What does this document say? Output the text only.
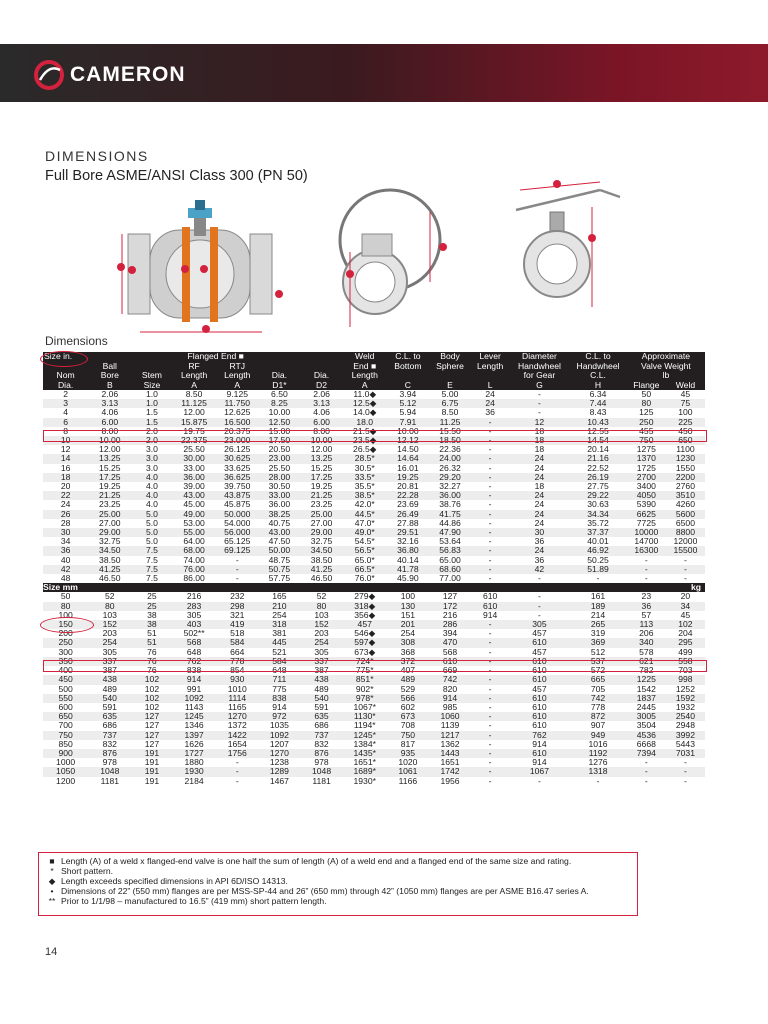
CAMERON
DIMENSIONS
Full Bore ASME/ANSI Class 300 (PN 50)
Dimensions
Size in.			Flanged End ■				Weld	C.L. to	Body	Lever	Diameter	C.L. to	Approximate	
	Ball		RF	RTJ			End ■	Bottom	Sphere	Length	Handwheel	Handwheel	Valve Weight	
Nom	Bore	Stem	Length	Length	Dia.	Dia.	Length				for Gear	C.L.	lb	
Dia.	B	Size	A	A	D1*	D2	A	C	E	L	G	H	Flange	Weld
2	2.06	1.0	8.50	9.125	6.50	2.06	11.0◆	3.94	5.00	24	-	6.34	50	45
3	3.13	1.0	11.125	11.750	8.25	3.13	12.5◆	5.12	6.75	24	-	7.44	80	75
4	4.06	1.5	12.00	12.625	10.00	4.06	14.0◆	5.94	8.50	36	-	8.43	125	100
6	6.00	1.5	15.875	16.500	12.50	6.00	18.0	7.91	11.25	-	12	10.43	250	225
8	8.00	2.0	19.75	20.375	15.00	8.00	21.5◆	10.00	15.50	-	18	12.55	455	450
10	10.00	2.0	22.375	23.000	17.50	10.00	23.5◆	12.12	18.50	-	18	14.54	750	650
12	12.00	3.0	25.50	26.125	20.50	12.00	26.5◆	14.50	22.36	-	18	20.14	1275	1100
14	13.25	3.0	30.00	30.625	23.00	13.25	28.5*	14.64	24.00	-	24	21.16	1370	1230
16	15.25	3.0	33.00	33.625	25.50	15.25	30.5*	16.01	26.32	-	24	22.52	1725	1550
18	17.25	4.0	36.00	36.625	28.00	17.25	33.5*	19.25	29.20	-	24	26.19	2700	2200
20	19.25	4.0	39.00	39.750	30.50	19.25	35.5*	20.81	32.27	-	18	27.75	3400	2760
22	21.25	4.0	43.00	43.875	33.00	21.25	38.5*	22.28	36.00	-	24	29.22	4050	3510
24	23.25	4.0	45.00	45.875	36.00	23.25	42.0*	23.69	38.76	-	24	30.63	5390	4260
26	25.00	5.0	49.00	50.000	38.25	25.00	44.5*	26.49	41.75	-	24	34.34	6625	5600
28	27.00	5.0	53.00	54.000	40.75	27.00	47.0*	27.88	44.86	-	24	35.72	7725	6500
30	29.00	5.0	55.00	56.000	43.00	29.00	49.0*	29.51	47.90	-	30	37.37	10000	8800
34	32.75	5.0	64.00	65.125	47.50	32.75	54.5*	32.16	53.64	-	36	40.01	14700	12000
36	34.50	7.5	68.00	69.125	50.00	34.50	56.5*	36.80	56.83	-	24	46.92	16300	15500
40	38.50	7.5	74.00	-	48.75	38.50	65.0*	40.14	65.00	-	36	50.25	-	-
42	41.25	7.5	76.00	-	50.75	41.25	66.5*	41.78	68.60	-	42	51.89	-	-
48	46.50	7.5	86.00	-	57.75	46.50	76.0*	45.90	77.00	-	-	-	-	-
Size mm													kg	
50	52	25	216	232	165	52	279◆	100	127	610	-	161	23	20
80	80	25	283	298	210	80	318◆	130	172	610	-	189	36	34
100	103	38	305	321	254	103	356◆	151	216	914	-	214	57	45
150	152	38	403	419	318	152	457	201	286	-	305	265	113	102
200	203	51	502**	518	381	203	546◆	254	394	-	457	319	206	204
250	254	51	568	584	445	254	597◆	308	470	-	610	369	340	295
300	305	76	648	664	521	305	673◆	368	568	-	457	512	578	499
350	337	76	762	778	584	337	724*	372	610	-	610	537	621	558
400	387	76	838	854	648	387	775*	407	669	-	610	572	782	703
450	438	102	914	930	711	438	851*	489	742	-	610	665	1225	998
500	489	102	991	1010	775	489	902*	529	820	-	457	705	1542	1252
550	540	102	1092	1114	838	540	978*	566	914	-	610	742	1837	1592
600	591	102	1143	1165	914	591	1067*	602	985	-	610	778	2445	1932
650	635	127	1245	1270	972	635	1130*	673	1060	-	610	872	3005	2540
700	686	127	1346	1372	1035	686	1194*	708	1139	-	610	907	3504	2948
750	737	127	1397	1422	1092	737	1245*	750	1217	-	762	949	4536	3992
850	832	127	1626	1654	1207	832	1384*	817	1362	-	914	1016	6668	5443
900	876	191	1727	1756	1270	876	1435*	935	1443	-	610	1192	7394	7031
1000	978	191	1880	-	1238	978	1651*	1020	1651	-	914	1276	-	-
1050	1048	191	1930	-	1289	1048	1689*	1061	1742	-	1067	1318	-	-
1200	1181	191	2184	-	1467	1181	1930*	1166	1956	-	-	-	-	-
■ Length (A) of a weld x flanged-end valve is one half the sum of length (A) of a weld end and a flanged end of the same size and rating.
* Short pattern.
◆ Length exceeds specified dimensions in API 6D/ISO 14313.
• Dimensions of 22” (550 mm) flanges are per MSS-SP-44 and 26” (650 mm) through 42” (1050 mm) flanges are per ASME B16.47 series A.
** Prior to 1/1/98 – manufactured to 16.5” (419 mm) short pattern length.
14
